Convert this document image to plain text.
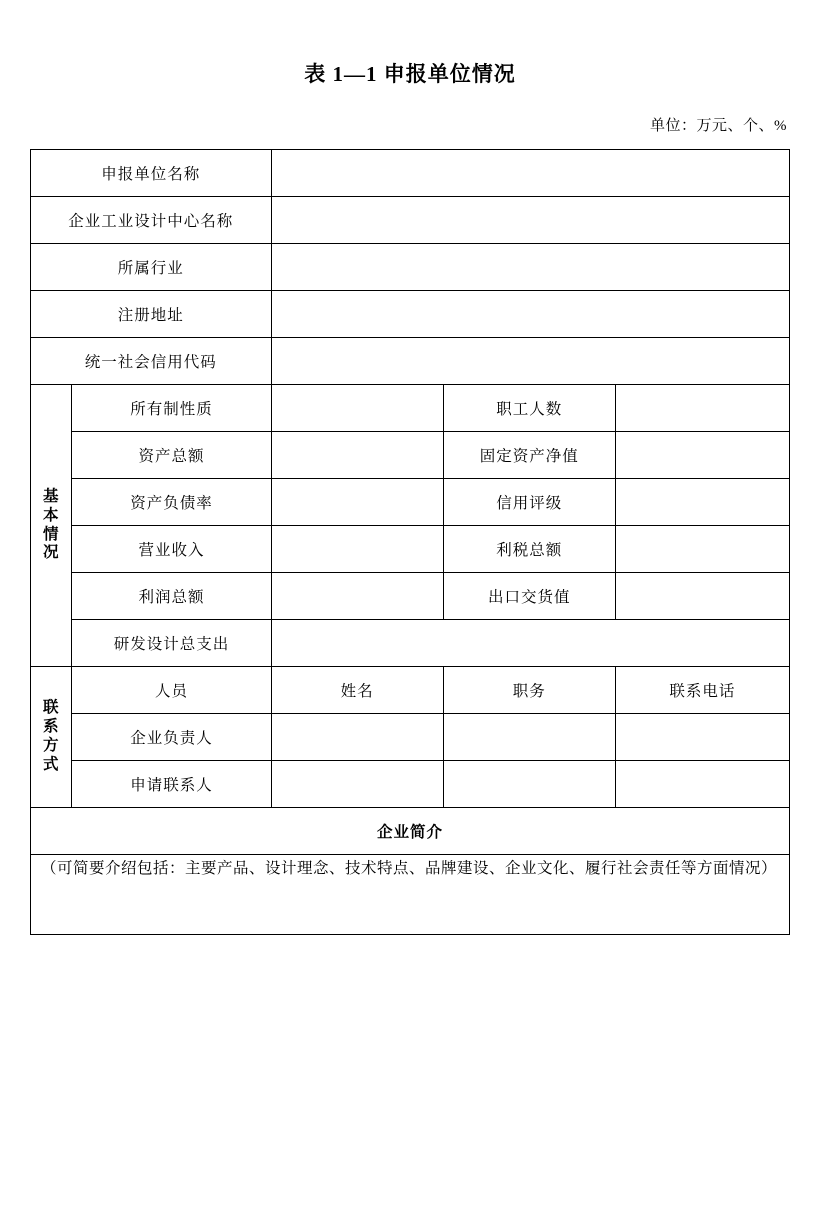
表 1—1 申报单位情况
单位：万元、个、%
申报单位名称				
企业工业设计中心名称				
所属行业				
注册地址				
统一社会信用代码				

基
本
情
况	所有制性质		职工人数	
	资产总额		固定资产净值	
	资产负债率		信用评级	
	营业收入		利税总额	
	利润总额		出口交货值	
	研发设计总支出			

联
系
方
式	人员	姓名	职务	联系电话
	企业负责人			
	申请联系人			
企业简介				

（可简要介绍包括：主要产品、设计理念、技术特点、品牌建设、企业文化、履行社会责任等方面情况）				
